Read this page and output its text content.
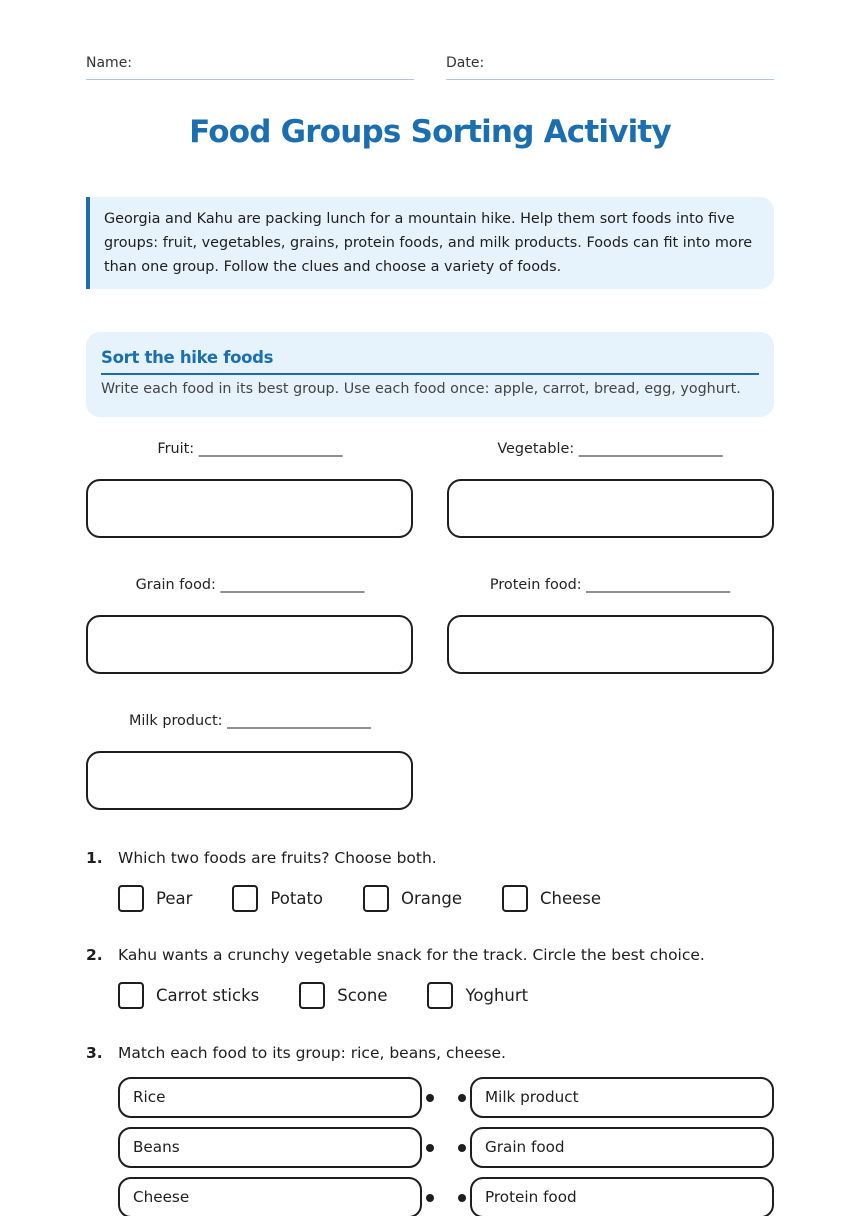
Name:	Date:
Food Groups Sorting Activity
Georgia and Kahu are packing lunch for a mountain hike. Help them sort foods into five groups: fruit, vegetables, grains, protein foods, and milk products. Foods can fit into more than one group. Follow the clues and choose a variety of foods.
Sort the hike foods
Write each food in its best group. Use each food once: apple, carrot, bread, egg, yoghurt.
Fruit: ____________________	Vegetable: ____________________
Grain food: ____________________	Protein food: ____________________
Milk product: ____________________
1. Which two foods are fruits? Choose both.
Pear	Potato	Orange	Cheese
2. Kahu wants a crunchy vegetable snack for the track. Circle the best choice.
Carrot sticks	Scone	Yoghurt
3. Match each food to its group: rice, beans, cheese.
Rice	Milk product
Beans	Grain food
Cheese	Protein food
